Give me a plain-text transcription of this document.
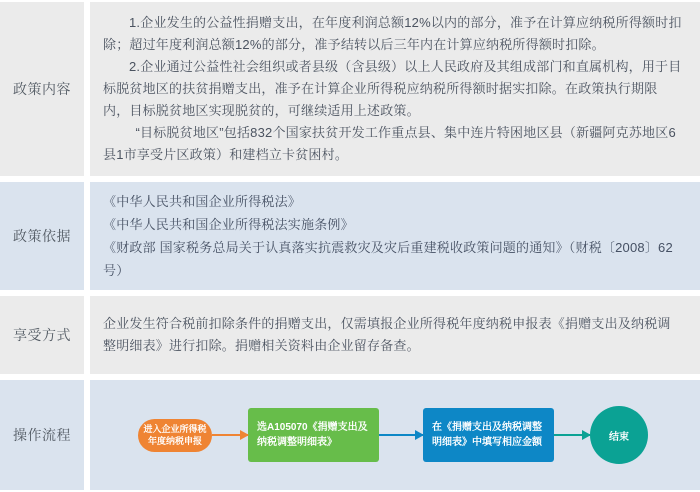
政策内容

1.企业发生的公益性捐赠支出，在年度利润总额12%以内的部分，准予在计算应纳税所得额时扣除；超过年度利润总额12%的部分，准予结转以后三年内在计算应纳税所得额时扣除。

2.企业通过公益性社会组织或者县级（含县级）以上人民政府及其组成部门和直属机构，用于目标脱贫地区的扶贫捐赠支出，准予在计算企业所得税应纳税所得额时据实扣除。在政策执行期限内，目标脱贫地区实现脱贫的，可继续适用上述政策。

“目标脱贫地区”包括832个国家扶贫开发工作重点县、集中连片特困地区县（新疆阿克苏地区6县1市享受片区政策）和建档立卡贫困村。

政策依据

《中华人民共和国企业所得税法》

《中华人民共和国企业所得税法实施条例》

《财政部 国家税务总局关于认真落实抗震救灾及灾后重建税收政策问题的通知》（财税〔2008〕62号）

享受方式

企业发生符合税前扣除条件的捐赠支出，仅需填报企业所得税年度纳税申报表《捐赠支出及纳税调整明细表》进行扣除。捐赠相关资料由企业留存备查。

操作流程	进入企业所得税年度纳税申报
选A105070《捐赠支出及纳税调整明细表》
在《捐赠支出及纳税调整明细表》中填写相应金额	结束
